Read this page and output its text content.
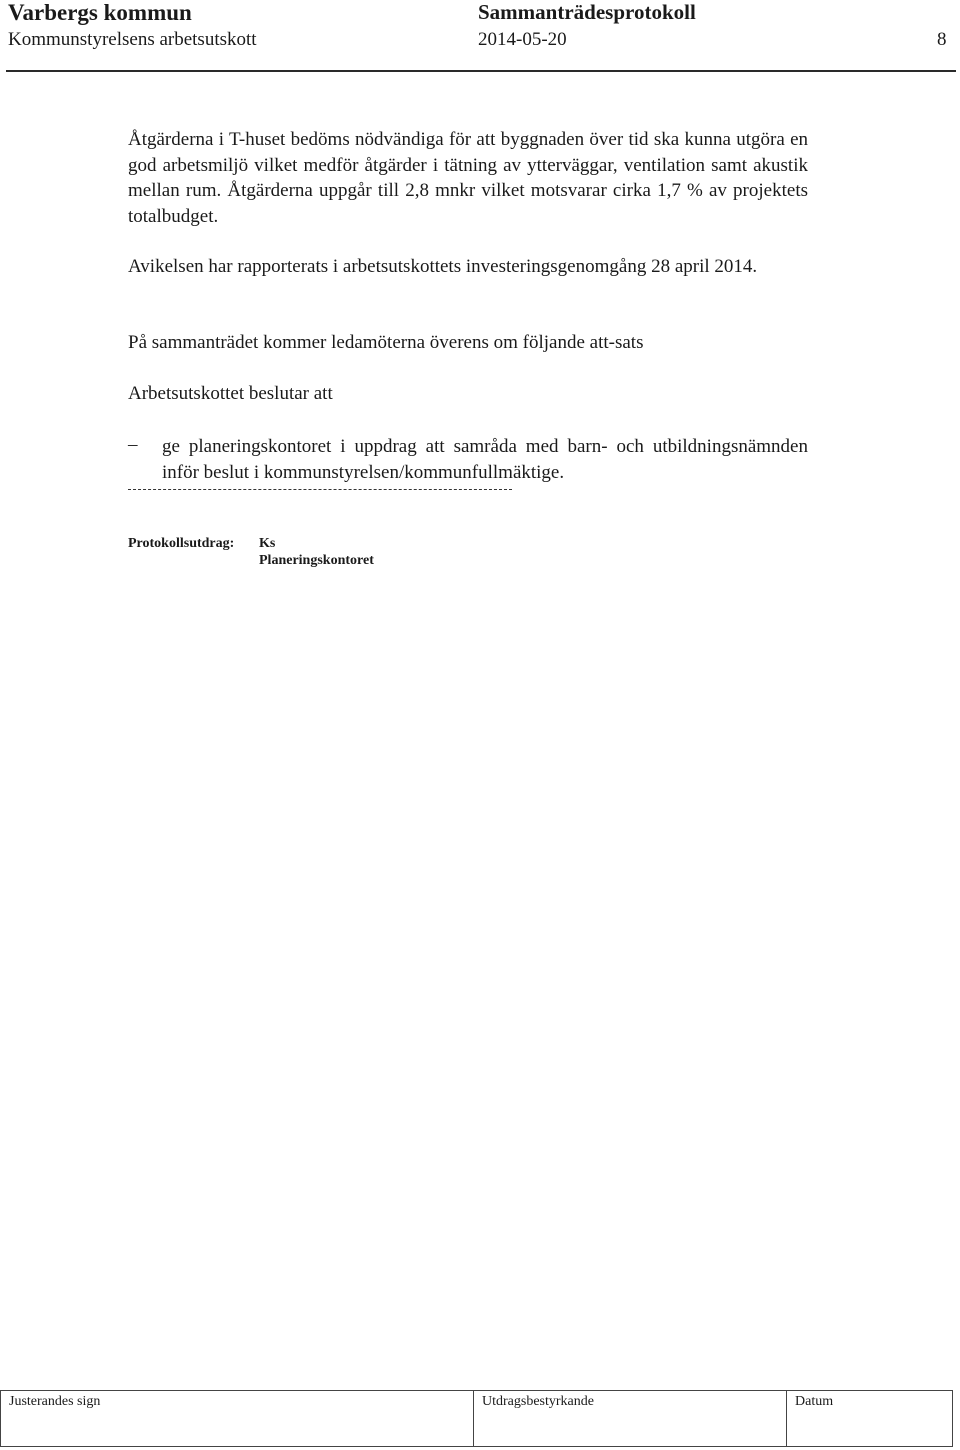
Varbergs kommun	Sammanträdesprotokoll
Kommunstyrelsens arbetsutskott	2014-05-20	8

Åtgärderna i T-huset bedöms nödvändiga för att byggnaden över tid ska kunna utgöra en god arbetsmiljö vilket medför åtgärder i tätning av ytterväggar, ventilation samt akustik mellan rum. Åtgärderna uppgår till 2,8 mnkr vilket motsvarar cirka 1,7 % av projektets totalbudget.

Avikelsen har rapporterats i arbetsutskottets investeringsgenomgång 28 april 2014.

På sammanträdet kommer ledamöterna överens om följande att-sats

Arbetsutskottet beslutar att

– ge planeringskontoret i uppdrag att samråda med barn- och utbildningsnämnden inför beslut i kommunstyrelsen/kommunfullmäktige.
Protokollsutdrag: Ks
Planeringskontoret
Justerandes sign	Utdragsbestyrkande	Datum
